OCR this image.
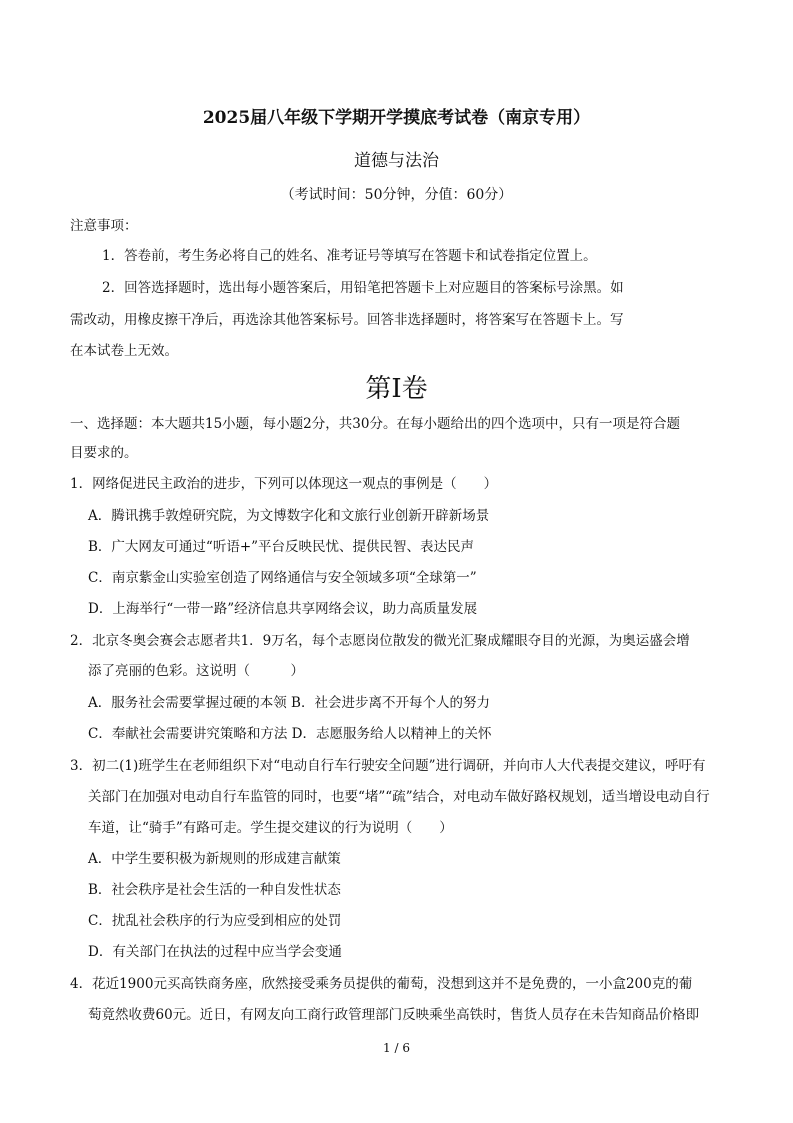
2025届八年级下学期开学摸底考试卷（南京专用）
道德与法治
（考试时间：50分钟，分值：60分）
注意事项：
1．答卷前，考生务必将自己的姓名、准考证号等填写在答题卡和试卷指定位置上。
2．回答选择题时，选出每小题答案后，用铅笔把答题卡上对应题目的答案标号涂黑。如
需改动，用橡皮擦干净后，再选涂其他答案标号。回答非选择题时，将答案写在答题卡上。写
在本试卷上无效。
第Ⅰ卷
一、选择题：本大题共15小题，每小题2分，共30分。在每小题给出的四个选项中，只有一项是符合题
目要求的。
1．网络促进民主政治的进步，下列可以体现这一观点的事例是（　　）
A．腾讯携手敦煌研究院，为文博数字化和文旅行业创新开辟新场景
B．广大网友可通过“听语+”平台反映民忧、提供民智、表达民声
C．南京紫金山实验室创造了网络通信与安全领域多项“全球第一”
D．上海举行“一带一路”经济信息共享网络会议，助力高质量发展
2．北京冬奥会赛会志愿者共1．9万名，每个志愿岗位散发的微光汇聚成耀眼夺目的光源，为奥运盛会增
添了亮丽的色彩。这说明（　　　）
A．服务社会需要掌握过硬的本领 B．社会进步离不开每个人的努力
C．奉献社会需要讲究策略和方法 D．志愿服务给人以精神上的关怀
3．初二(1)班学生在老师组织下对“电动自行车行驶安全问题”进行调研，并向市人大代表提交建议，呼吁有
关部门在加强对电动自行车监管的同时，也要“堵”“疏”结合，对电动车做好路权规划，适当增设电动自行
车道，让“骑手”有路可走。学生提交建议的行为说明（　　）
A．中学生要积极为新规则的形成建言献策
B．社会秩序是社会生活的一种自发性状态
C．扰乱社会秩序的行为应受到相应的处罚
D．有关部门在执法的过程中应当学会变通
4．花近1900元买高铁商务座，欣然接受乘务员提供的葡萄，没想到这并不是免费的，一小盒200克的葡
萄竟然收费60元。近日，有网友向工商行政管理部门反映乘坐高铁时，售货人员存在未告知商品价格即
1 / 6
